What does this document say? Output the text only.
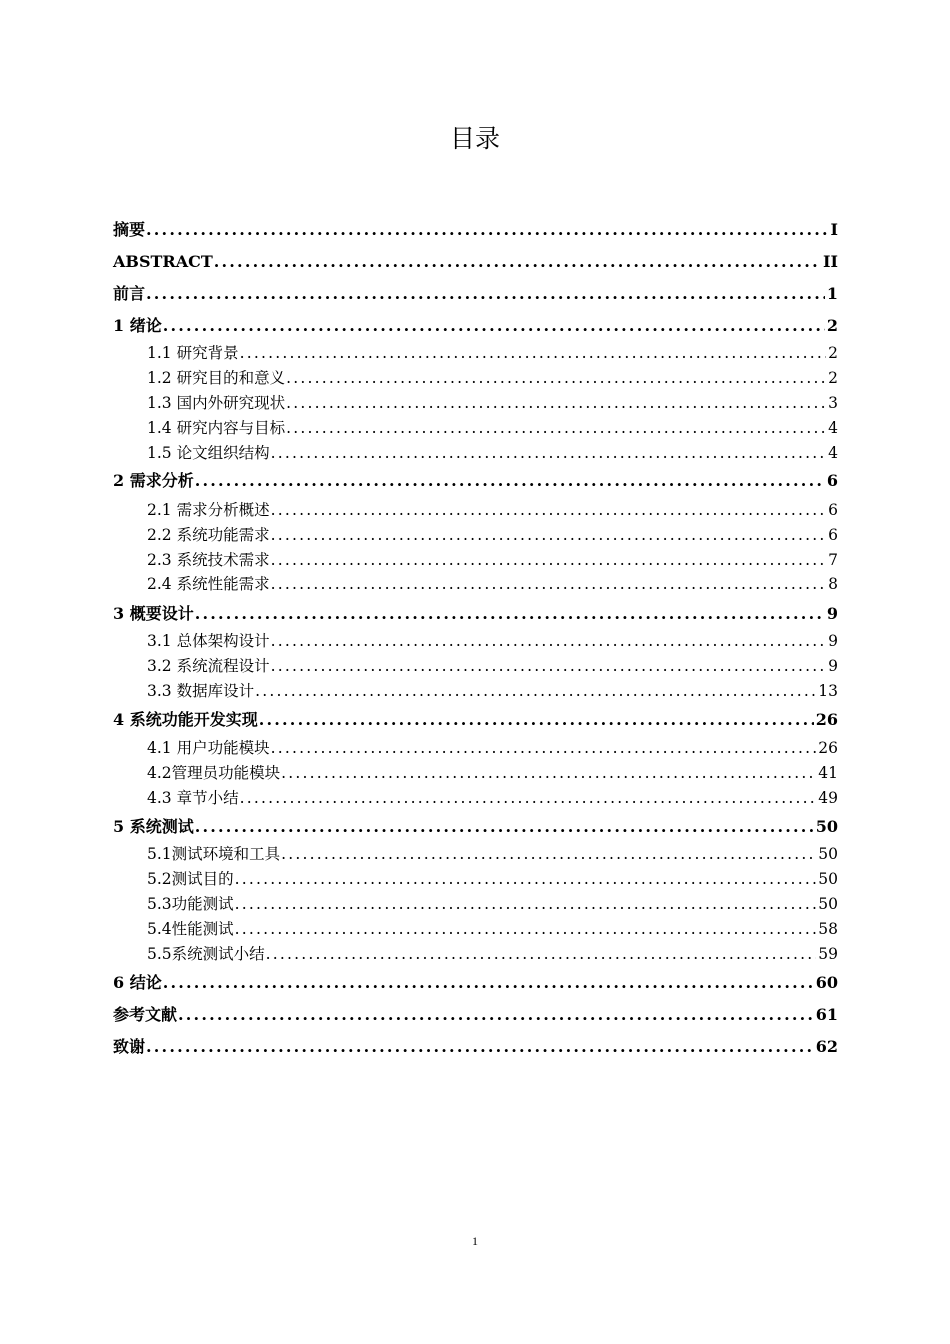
目录
摘要 .....	I
ABSTRACT .....	II
前言 .....	1
1 绪论 .....	2
1.1 研究背景 .....	2
1.2 研究目的和意义 .....	2
1.3 国内外研究现状 .....	3
1.4 研究内容与目标 .....	4
1.5 论文组织结构 .....	4
2 需求分析 .....	6
2.1 需求分析概述 .....	6
2.2 系统功能需求 .....	6
2.3 系统技术需求 .....	7
2.4 系统性能需求 .....	8
3 概要设计 .....	9
3.1 总体架构设计 .....	9
3.2 系统流程设计 .....	9
3.3 数据库设计 .....	13
4 系统功能开发实现 .....	26
4.1 用户功能模块 .....	26
4.2管理员功能模块 .....	41
4.3 章节小结 .....	49
5 系统测试 .....	50
5.1测试环境和工具 .....	50
5.2测试目的 .....	50
5.3功能测试 .....	50
5.4性能测试 .....	58
5.5系统测试小结 .....	59
6 结论 .....	60
参考文献 .....	61
致谢 .....	62
1
